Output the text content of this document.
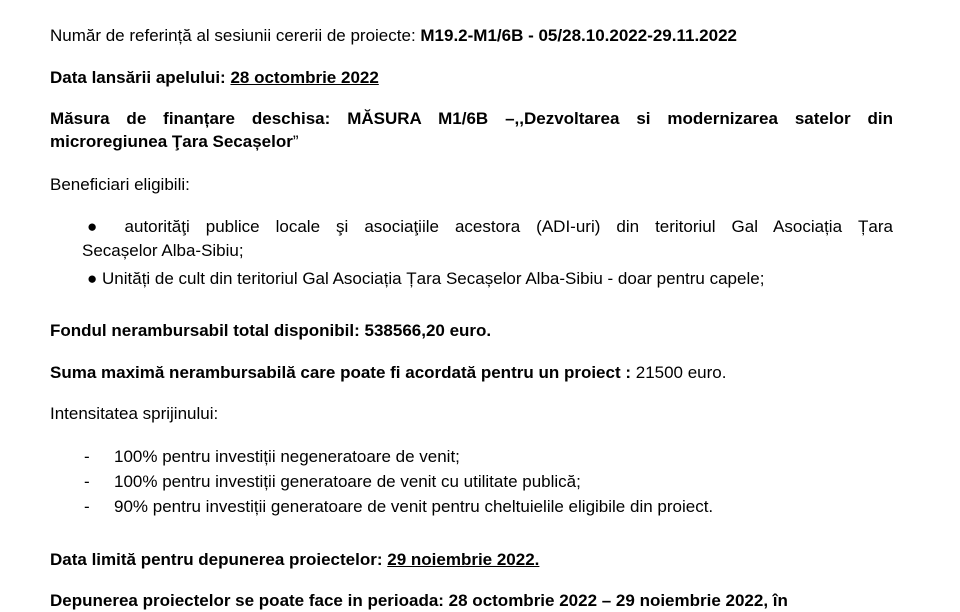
Număr de referință al sesiunii cererii de proiecte: M19.2-M1/6B - 05/28.10.2022-29.11.2022
Data lansării apelului: 28 octombrie 2022
Măsura de finanțare deschisa: MĂSURA M1/6B –,,Dezvoltarea si modernizarea satelor din
microregiunea Ţara Secașelor”
Beneficiari eligibili:
● autorităţi publice locale şi asociaţiile acestora (ADI-uri) din teritoriul Gal Asociația Țara
Secașelor Alba-Sibiu;
● Unități de cult din teritoriul Gal Asociația Țara Secașelor Alba-Sibiu - doar pentru capele;
Fondul nerambursabil total disponibil: 538566,20 euro.
Suma maximă nerambursabilă care poate fi acordată pentru un proiect : 21500 euro.
Intensitatea sprijinului:
- 100% pentru investiții negeneratoare de venit;
- 100% pentru investiții generatoare de venit cu utilitate publică;
- 90% pentru investiții generatoare de venit pentru cheltuielile eligibile din proiect.
Data limită pentru depunerea proiectelor: 29 noiembrie 2022.
Depunerea proiectelor se poate face in perioada: 28 octombrie 2022 – 29 noiembrie 2022, în
